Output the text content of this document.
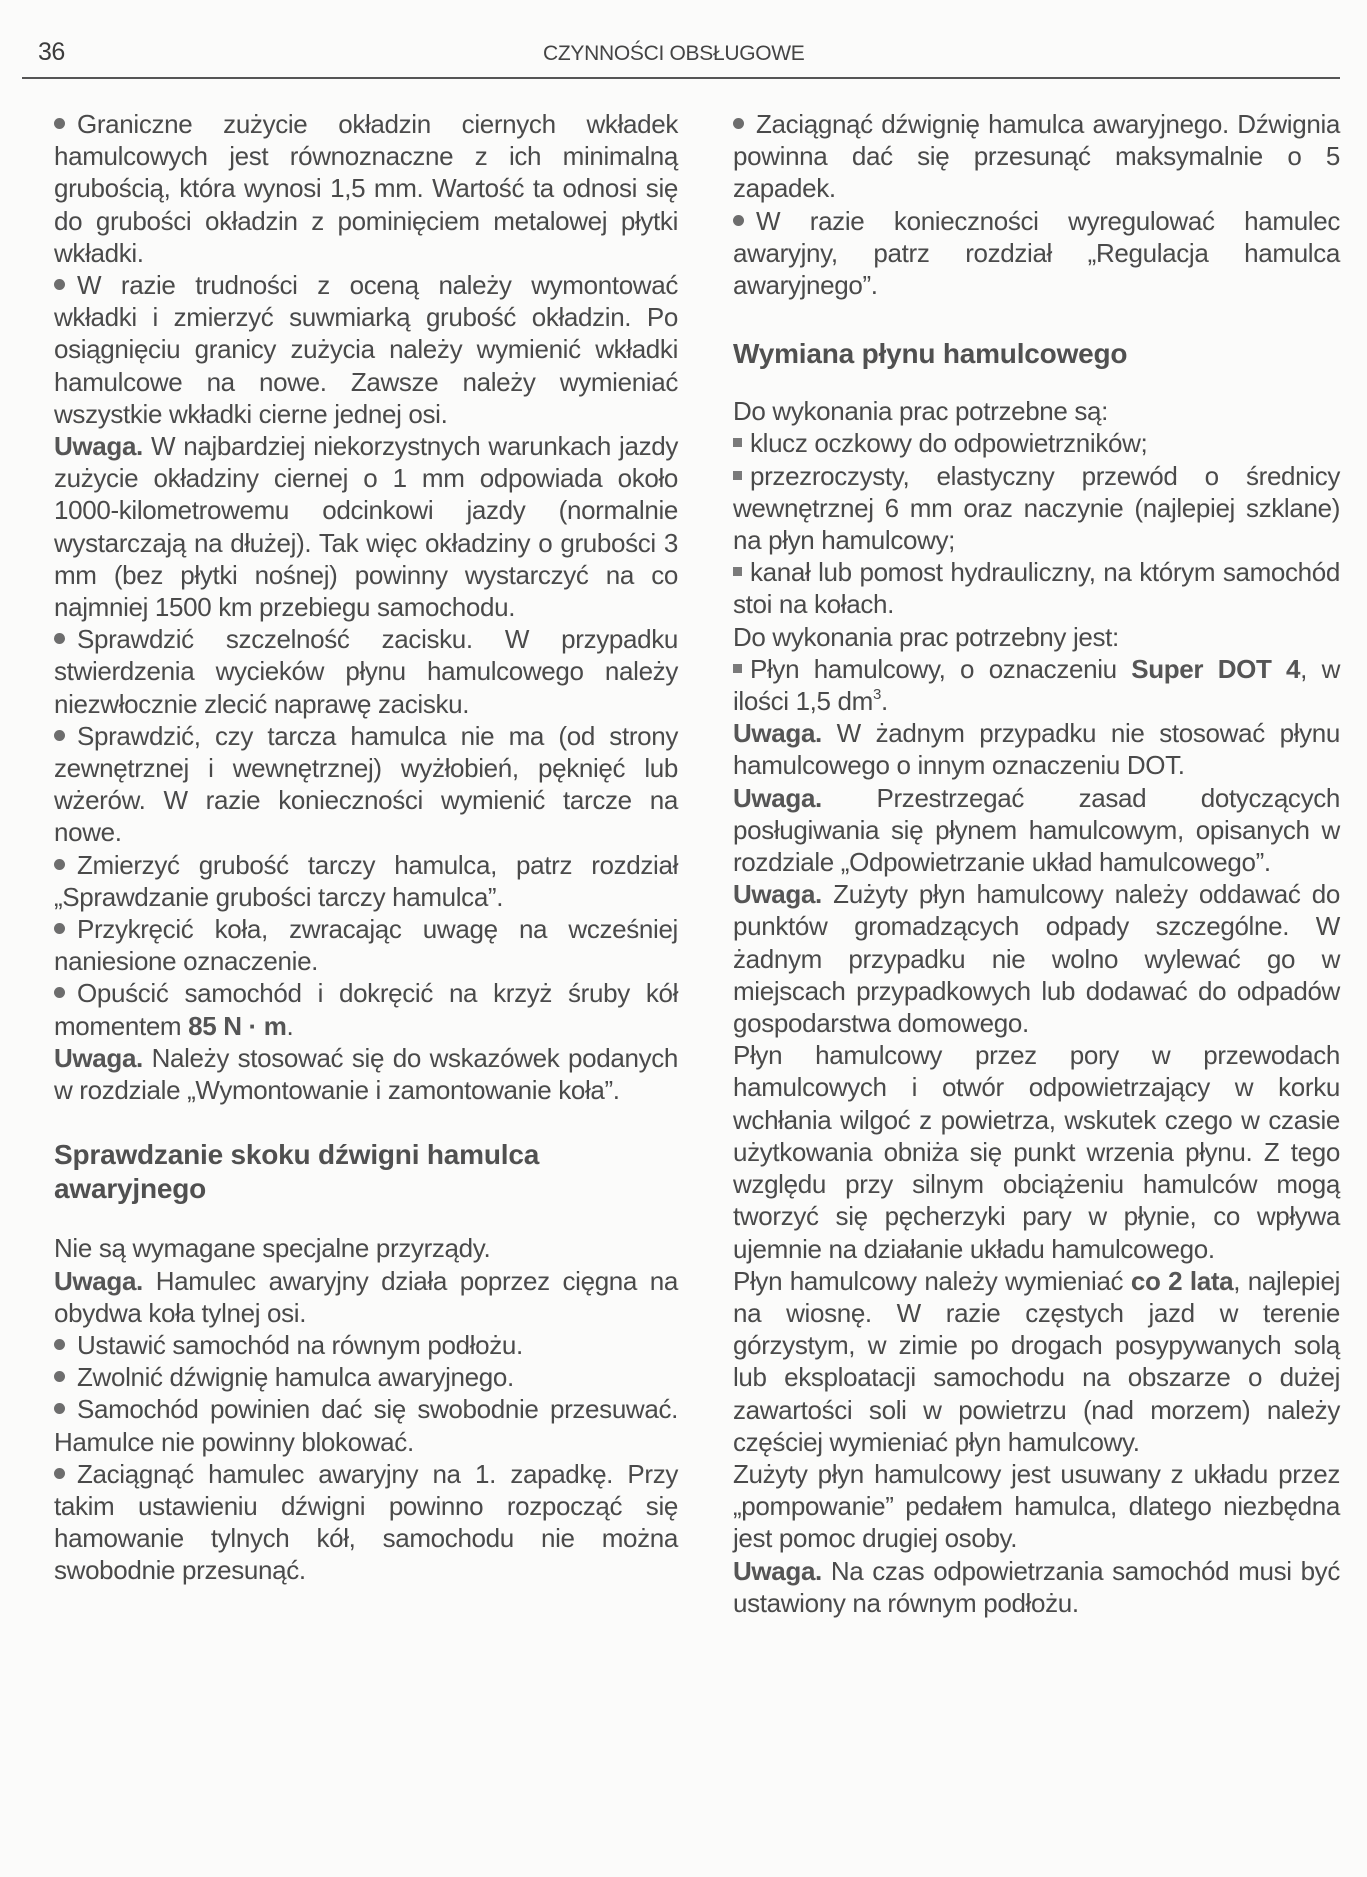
36	CZYNNOŚCI OBSŁUGOWE

Graniczne zużycie okładzin ciernych wkładek hamulcowych jest równoznaczne z ich minimalną grubością, która wynosi 1,5 mm. Wartość ta odnosi się do grubości okładzin z pominięciem metalowej płytki wkładki.

W razie trudności z oceną należy wymontować wkładki i zmierzyć suwmiarką grubość okładzin. Po osiągnięciu granicy zużycia należy wymienić wkładki hamulcowe na nowe. Zawsze należy wymieniać wszystkie wkładki cierne jednej osi.

Uwaga. W najbardziej niekorzystnych warunkach jazdy zużycie okładziny ciernej o 1 mm odpowiada około 1000-kilometrowemu odcinkowi jazdy (normalnie wystarczają na dłużej). Tak więc okładziny o grubości 3 mm (bez płytki nośnej) powinny wystarczyć na co najmniej 1500 km przebiegu samochodu.

Sprawdzić szczelność zacisku. W przypadku stwierdzenia wycieków płynu hamulcowego należy niezwłocznie zlecić naprawę zacisku.

Sprawdzić, czy tarcza hamulca nie ma (od strony zewnętrznej i wewnętrznej) wyżłobień, pęknięć lub wżerów. W razie konieczności wymienić tarcze na nowe.

Zmierzyć grubość tarczy hamulca, patrz rozdział „Sprawdzanie grubości tarczy hamulca”.

Przykręcić koła, zwracając uwagę na wcześniej naniesione oznaczenie.

Opuścić samochód i dokręcić na krzyż śruby kół momentem 85 N · m.

Uwaga. Należy stosować się do wskazówek podanych w rozdziale „Wymontowanie i zamontowanie koła”.

Sprawdzanie skoku dźwigni hamulca awaryjnego

Nie są wymagane specjalne przyrządy.

Uwaga. Hamulec awaryjny działa poprzez cięgna na obydwa koła tylnej osi.

Ustawić samochód na równym podłożu.

Zwolnić dźwignię hamulca awaryjnego.

Samochód powinien dać się swobodnie przesuwać. Hamulce nie powinny blokować.

Zaciągnąć hamulec awaryjny na 1. zapadkę. Przy takim ustawieniu dźwigni powinno rozpocząć się hamowanie tylnych kół, samochodu nie można swobodnie przesunąć.

Zaciągnąć dźwignię hamulca awaryjnego. Dźwignia powinna dać się przesunąć maksymalnie o 5 zapadek.

W razie konieczności wyregulować hamulec awaryjny, patrz rozdział „Regulacja hamulca awaryjnego”.

Wymiana płynu hamulcowego

Do wykonania prac potrzebne są:

klucz oczkowy do odpowietrzników;

przezroczysty, elastyczny przewód o średnicy wewnętrznej 6 mm oraz naczynie (najlepiej szklane) na płyn hamulcowy;

kanał lub pomost hydrauliczny, na którym samochód stoi na kołach.

Do wykonania prac potrzebny jest:

Płyn hamulcowy, o oznaczeniu Super DOT 4, w ilości 1,5 $dm^3$.

Uwaga. W żadnym przypadku nie stosować płynu hamulcowego o innym oznaczeniu DOT.

Uwaga. Przestrzegać zasad dotyczących posługiwania się płynem hamulcowym, opisanych w rozdziale „Odpowietrzanie układ hamulcowego”.

Uwaga. Zużyty płyn hamulcowy należy oddawać do punktów gromadzących odpady szczególne. W żadnym przypadku nie wolno wylewać go w miejscach przypadkowych lub dodawać do odpadów gospodarstwa domowego.

Płyn hamulcowy przez pory w przewodach hamulcowych i otwór odpowietrzający w korku wchłania wilgoć z powietrza, wskutek czego w czasie użytkowania obniża się punkt wrzenia płynu. Z tego względu przy silnym obciążeniu hamulców mogą tworzyć się pęcherzyki pary w płynie, co wpływa ujemnie na działanie układu hamulcowego.

Płyn hamulcowy należy wymieniać co 2 lata, najlepiej na wiosnę. W razie częstych jazd w terenie górzystym, w zimie po drogach posypywanych solą lub eksploatacji samochodu na obszarze o dużej zawartości soli w powietrzu (nad morzem) należy częściej wymieniać płyn hamulcowy.

Zużyty płyn hamulcowy jest usuwany z układu przez „pompowanie” pedałem hamulca, dlatego niezbędna jest pomoc drugiej osoby.

Uwaga. Na czas odpowietrzania samochód musi być ustawiony na równym podłożu.
